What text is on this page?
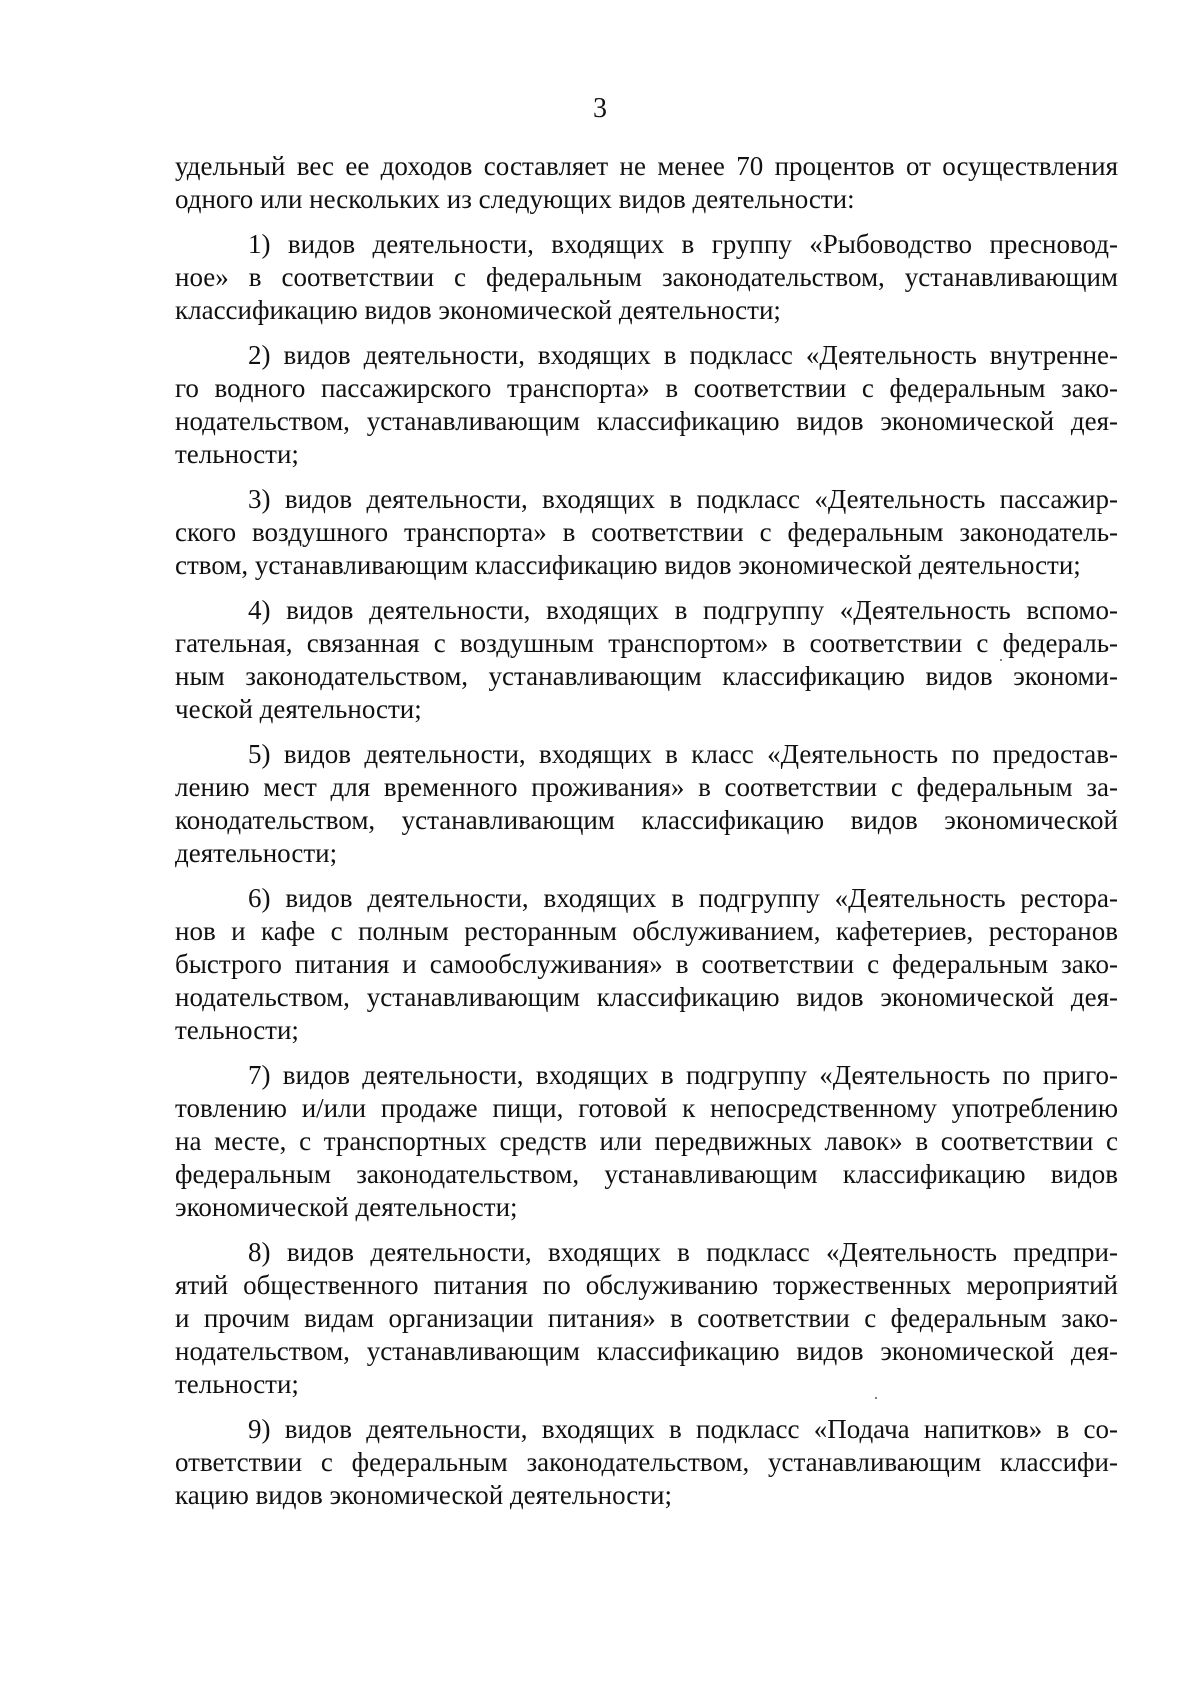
3
удельный вес ее доходов составляет не менее 70 процентов от осуществления
одного или нескольких из следующих видов деятельности:
1) видов деятельности, входящих в группу «Рыбоводство пресновод-
ное» в соответствии с федеральным законодательством, устанавливающим
классификацию видов экономической деятельности;
2) видов деятельности, входящих в подкласс «Деятельность внутренне-
го водного пассажирского транспорта» в соответствии с федеральным зако-
нодательством, устанавливающим классификацию видов экономической дея-
тельности;
3) видов деятельности, входящих в подкласс «Деятельность пассажир-
ского воздушного транспорта» в соответствии с федеральным законодатель-
ством, устанавливающим классификацию видов экономической деятельности;
4) видов деятельности, входящих в подгруппу «Деятельность вспомо-
гательная, связанная с воздушным транспортом» в соответствии с федераль-
ным законодательством, устанавливающим классификацию видов экономи-
ческой деятельности;
5) видов деятельности, входящих в класс «Деятельность по предостав-
лению мест для временного проживания» в соответствии с федеральным за-
конодательством, устанавливающим классификацию видов экономической
деятельности;
6) видов деятельности, входящих в подгруппу «Деятельность рестора-
нов и кафе с полным ресторанным обслуживанием, кафетериев, ресторанов
быстрого питания и самообслуживания» в соответствии с федеральным зако-
нодательством, устанавливающим классификацию видов экономической дея-
тельности;
7) видов деятельности, входящих в подгруппу «Деятельность по приго-
товлению и/или продаже пищи, готовой к непосредственному употреблению
на месте, с транспортных средств или передвижных лавок» в соответствии с
федеральным законодательством, устанавливающим классификацию видов
экономической деятельности;
8) видов деятельности, входящих в подкласс «Деятельность предпри-
ятий общественного питания по обслуживанию торжественных мероприятий
и прочим видам организации питания» в соответствии с федеральным зако-
нодательством, устанавливающим классификацию видов экономической дея-
тельности;
9) видов деятельности, входящих в подкласс «Подача напитков» в со-
ответствии с федеральным законодательством, устанавливающим классифи-
кацию видов экономической деятельности;
